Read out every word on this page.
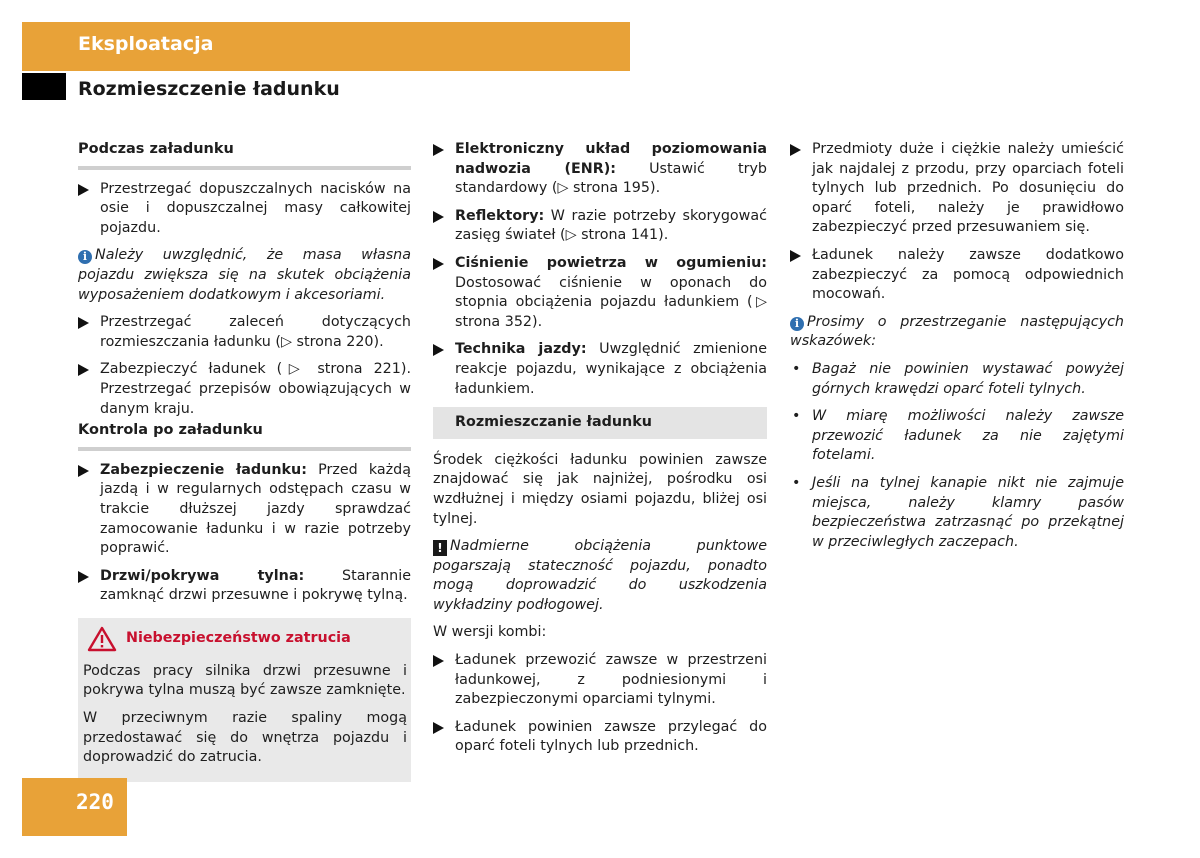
Eksploatacja
Rozmieszczenie ładunku
Podczas załadunku
Przestrzegać dopuszczalnych nacisków na osie i dopuszczalnej masy całkowitej pojazdu.
i Należy uwzględnić, że masa własna pojazdu zwiększa się na skutek obciążenia wyposażeniem dodatkowym i akcesoriami.
Przestrzegać zaleceń dotyczących rozmieszczania ładunku (▷ strona 220).
Zabezpieczyć ładunek (▷ strona 221). Przestrzegać przepisów obowiązujących w danym kraju.
Kontrola po załadunku
Zabezpieczenie ładunku: Przed każdą jazdą i w regularnych odstępach czasu w trakcie dłuższej jazdy sprawdzać zamocowanie ładunku i w razie potrzeby poprawić.
Drzwi/pokrywa tylna: Starannie zamknąć drzwi przesuwne i pokrywę tylną.
Niebezpieczeństwo zatrucia

Podczas pracy silnika drzwi przesuwne i pokrywa tylna muszą być zawsze zamknięte.

W przeciwnym razie spaliny mogą przedostawać się do wnętrza pojazdu i doprowadzić do zatrucia.

Elektroniczny układ poziomowania nadwozia (ENR): Ustawić tryb standardowy (▷ strona 195).
Reflektory: W razie potrzeby skorygować zasięg świateł (▷ strona 141).
Ciśnienie powietrza w ogumieniu: Dostosować ciśnienie w oponach do stopnia obciążenia pojazdu ładunkiem (▷ strona 352).
Technika jazdy: Uwzględnić zmienione reakcje pojazdu, wynikające z obciążenia ładunkiem.
Rozmieszczanie ładunku
Środek ciężkości ładunku powinien zawsze znajdować się jak najniżej, pośrodku osi wzdłużnej i między osiami pojazdu, bliżej osi tylnej.
! Nadmierne obciążenia punktowe pogarszają stateczność pojazdu, ponadto mogą doprowadzić do uszkodzenia wykładziny podłogowej.
W wersji kombi:
Ładunek przewozić zawsze w przestrzeni ładunkowej, z podniesionymi i zabezpieczonymi oparciami tylnymi.
Ładunek powinien zawsze przylegać do oparć foteli tylnych lub przednich.
Przedmioty duże i ciężkie należy umieścić jak najdalej z przodu, przy oparciach foteli tylnych lub przednich. Po dosunięciu do oparć foteli, należy je prawidłowo zabezpieczyć przed przesuwaniem się.
Ładunek należy zawsze dodatkowo zabezpieczyć za pomocą odpowiednich mocowań.
i Prosimy o przestrzeganie następujących wskazówek:
• Bagaż nie powinien wystawać powyżej górnych krawędzi oparć foteli tylnych.
• W miarę możliwości należy zawsze przewozić ładunek za nie zajętymi fotelami.
• Jeśli na tylnej kanapie nikt nie zajmuje miejsca, należy klamry pasów bezpieczeństwa zatrzasnąć po przekątnej w przeciwległych zaczepach.
220
